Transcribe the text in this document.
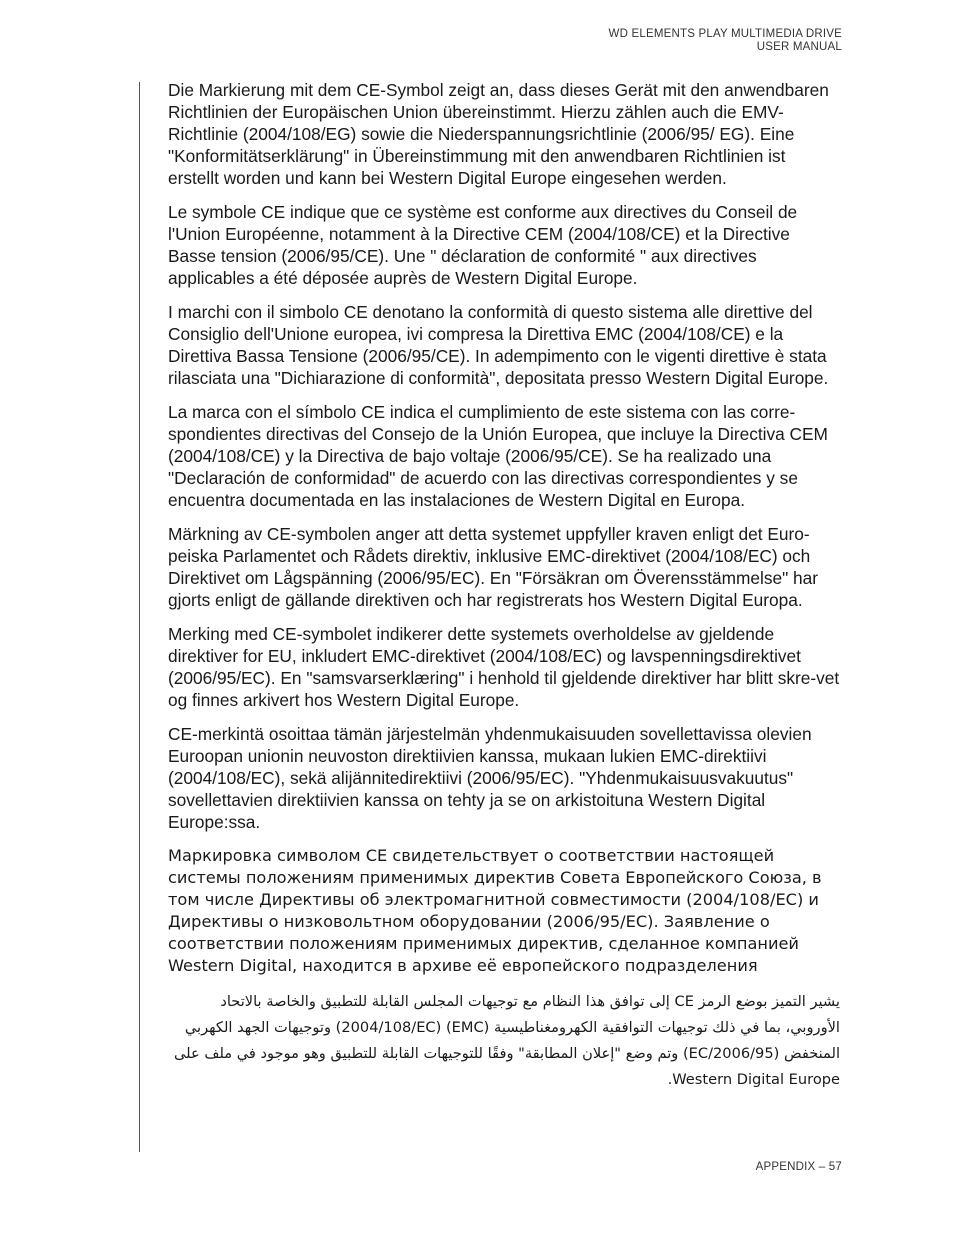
WD ELEMENTS PLAY MULTIMEDIA DRIVE
USER MANUAL

Die Markierung mit dem CE-Symbol zeigt an, dass dieses Gerät mit den anwendbaren Richtlinien der Europäischen Union übereinstimmt. Hierzu zählen auch die EMV-Richtlinie (2004/108/EG) sowie die Niederspannungsrichtlinie (2006/95/ EG). Eine "Konformitätserklärung" in Übereinstimmung mit den anwendbaren Richtlinien ist erstellt worden und kann bei Western Digital Europe eingesehen werden.

Le symbole CE indique que ce système est conforme aux directives du Conseil de l'Union Européenne, notamment à la Directive CEM (2004/108/CE) et la Directive Basse tension (2006/95/CE). Une " déclaration de conformité " aux directives applicables a été déposée auprès de Western Digital Europe.

I marchi con il simbolo CE denotano la conformità di questo sistema alle direttive del Consiglio dell'Unione europea, ivi compresa la Direttiva EMC (2004/108/CE) e la Direttiva Bassa Tensione (2006/95/CE). In adempimento con le vigenti direttive è stata rilasciata una "Dichiarazione di conformità", depositata presso Western Digital Europe.

La marca con el símbolo CE indica el cumplimiento de este sistema con las corre-spondientes directivas del Consejo de la Unión Europea, que incluye la Directiva CEM (2004/108/CE) y la Directiva de bajo voltaje (2006/95/CE). Se ha realizado una "Declaración de conformidad" de acuerdo con las directivas correspondientes y se encuentra documentada en las instalaciones de Western Digital en Europa.

Märkning av CE-symbolen anger att detta systemet uppfyller kraven enligt det Euro-peiska Parlamentet och Rådets direktiv, inklusive EMC-direktivet (2004/108/EC) och Direktivet om Lågspänning (2006/95/EC). En "Försäkran om Överensstämmelse" har gjorts enligt de gällande direktiven och har registrerats hos Western Digital Europa.

Merking med CE-symbolet indikerer dette systemets overholdelse av gjeldende direktiver for EU, inkludert EMC-direktivet (2004/108/EC) og lavspenningsdirektivet (2006/95/EC). En "samsvarserklæring" i henhold til gjeldende direktiver har blitt skre-vet og finnes arkivert hos Western Digital Europe.

CE-merkintä osoittaa tämän järjestelmän yhdenmukaisuuden sovellettavissa olevien Euroopan unionin neuvoston direktiivien kanssa, mukaan lukien EMC-direktiivi (2004/108/EC), sekä alijännitedirektiivi (2006/95/EC). "Yhdenmukaisuusvakuutus" sovellettavien direktiivien kanssa on tehty ja se on arkistoituna Western Digital Europe:ssa.

Маркировка символом CE свидетельствует о соответствии настоящей системы положениям применимых директив Совета Европейского Союза, в том числе Директивы об электромагнитной совместимости (2004/108/EC) и Директивы о низковольтном оборудовании (2006/95/EC). Заявление о соответствии положениям применимых директив, сделанное компанией Western Digital, находится в архиве её европейского подразделения

يشير التميز بوضع الرمز CE إلى توافق هذا النظام مع توجيهات المجلس القابلة للتطبيق والخاصة بالاتحاد الأوروبي، بما في ذلك توجيهات التوافقية الكهرومغناطيسية (EMC) (2004/108/EC) وتوجيهات الجهد الكهربي المنخفض (2006/95/EC) وتم وضع "إعلان المطابقة" وفقًا للتوجيهات القابلة للتطبيق وهو موجود في ملف على Western Digital Europe.

APPENDIX – 57
